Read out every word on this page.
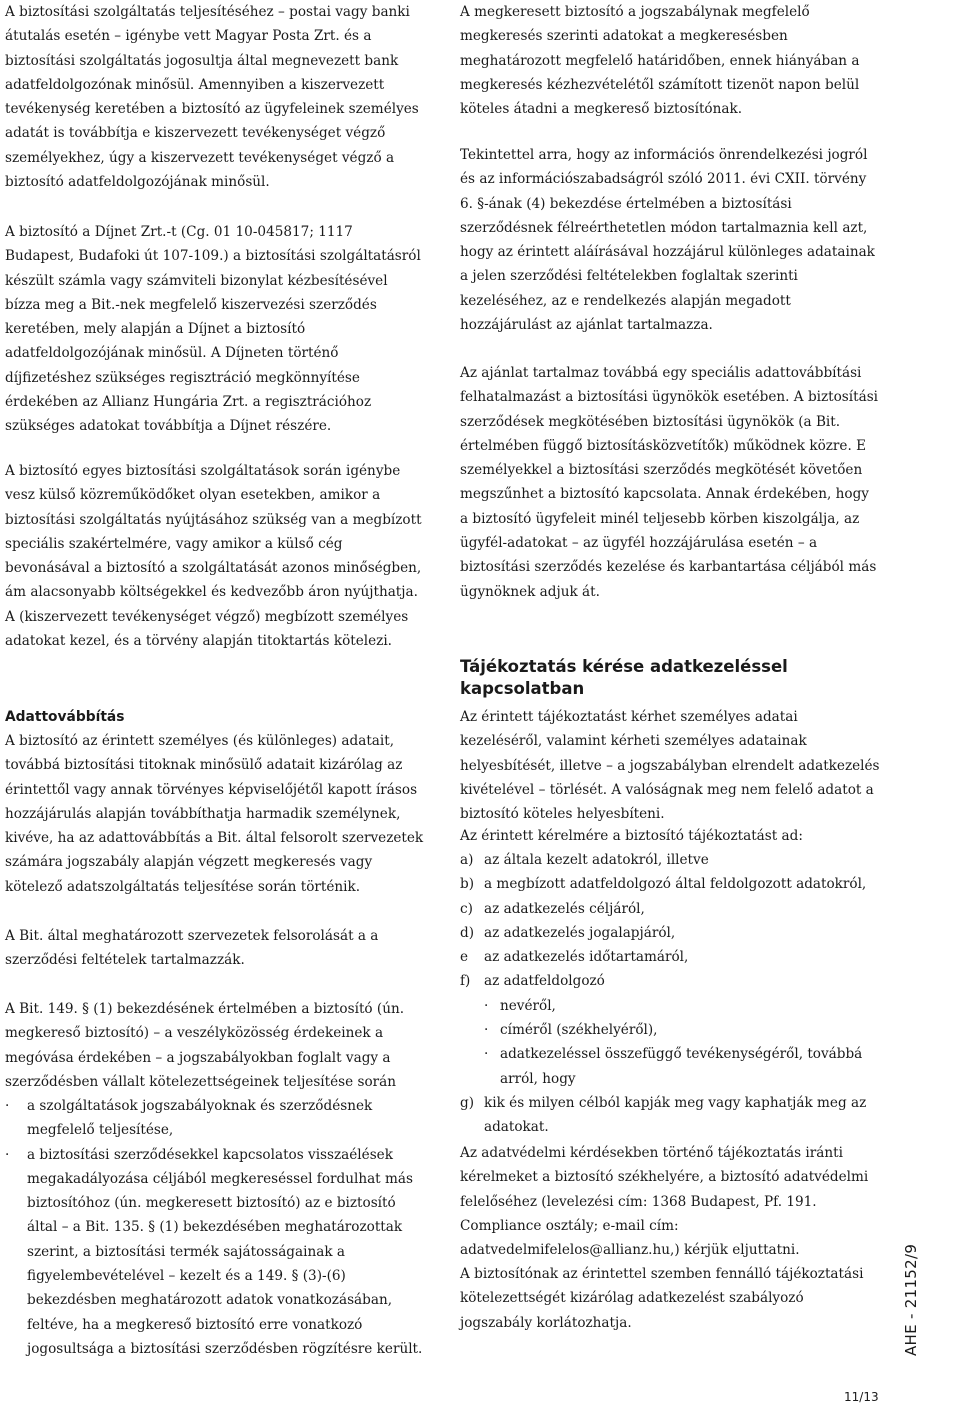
A biztosítási szolgáltatás teljesítéséhez – postai vagy banki átutalás esetén – igénybe vett Magyar Posta Zrt. és a biztosítási szolgáltatás jogosultja által megnevezett bank adatfeldolgozónak minősül. Amennyiben a kiszervezett tevékenység keretében a biztosító az ügyfeleinek személyes adatát is továbbítja e kiszervezett tevékenységet végző személyekhez, úgy a kiszervezett tevékenységet végző a biztosító adatfeldolgozójának minősül.

A biztosító a Díjnet Zrt.-t (Cg. 01 10-045817; 1117 Budapest, Budafoki út 107-109.) a biztosítási szolgáltatásról készült számla vagy számviteli bizonylat kézbesítésével bízza meg a Bit.-nek megfelelő kiszervezési szerződés keretében, mely alapján a Díjnet a biztosító adatfeldolgozójának minősül. A Díjneten történő díjfizetéshez szükséges regisztráció megkönnyítése érdekében az Allianz Hungária Zrt. a regisztrációhoz szükséges adatokat továbbítja a Díjnet részére.

A biztosító egyes biztosítási szolgáltatások során igénybe vesz külső közreműködőket olyan esetekben, amikor a biztosítási szolgáltatás nyújtásához szükség van a megbízott speciális szakértelmére, vagy amikor a külső cég bevonásával a biztosító a szolgáltatását azonos minőségben, ám alacsonyabb költségekkel és kedvezőbb áron nyújthatja. A (kiszervezett tevékenységet végző) megbízott személyes adatokat kezel, és a törvény alapján titoktartás kötelezi.

Adattovábbítás

A biztosító az érintett személyes (és különleges) adatait, továbbá biztosítási titoknak minősülő adatait kizárólag az érintettől vagy annak törvényes képviselőjétől kapott írásos hozzájárulás alapján továbbíthatja harmadik személynek, kivéve, ha az adattovábbítás a Bit. által felsorolt szervezetek számára jogszabály alapján végzett megkeresés vagy kötelező adatszolgáltatás teljesítése során történik.

A Bit. által meghatározott szervezetek felsorolását a a szerződési feltételek tartalmazzák.

A Bit. 149. § (1) bekezdésének értelmében a biztosító (ún. megkereső biztosító) – a veszélyközösség érdekeinek a megóvása érdekében – a jogszabályokban foglalt vagy a szerződésben vállalt kötelezettségeinek teljesítése során

· a szolgáltatások jogszabályoknak és szerződésnek megfelelő teljesítése,
· a biztosítási szerződésekkel kapcsolatos visszaélések megakadályozása céljából megkereséssel fordulhat más biztosítóhoz (ún. megkeresett biztosító) az e biztosító által – a Bit. 135. § (1) bekezdésében meghatározottak szerint, a biztosítási termék sajátosságainak a figyelembevételével – kezelt és a 149. § (3)-(6) bekezdésben meghatározott adatok vonatkozásában, feltéve, ha a megkereső biztosító erre vonatkozó jogosultsága a biztosítási szerződésben rögzítésre került.

A megkeresett biztosító a jogszabálynak megfelelő megkeresés szerinti adatokat a megkeresésben meghatározott megfelelő határidőben, ennek hiányában a megkeresés kézhezvételétől számított tizenöt napon belül köteles átadni a megkereső biztosítónak.

Tekintettel arra, hogy az információs önrendelkezési jogról és az információszabadságról szóló 2011. évi CXII. törvény 6. §-ának (4) bekezdése értelmében a biztosítási szerződésnek félreérthetetlen módon tartalmaznia kell azt, hogy az érintett aláírásával hozzájárul különleges adatainak a jelen szerződési feltételekben foglaltak szerinti kezeléséhez, az e rendelkezés alapján megadott hozzájárulást az ajánlat tartalmazza.

Az ajánlat tartalmaz továbbá egy speciális adattovábbítási felhatalmazást a biztosítási ügynökök esetében. A biztosítási szerződések megkötésében biztosítási ügynökök (a Bit. értelmében függő biztosításközvetítők) működnek közre. E személyekkel a biztosítási szerződés megkötését követően megszűnhet a biztosító kapcsolata. Annak érdekében, hogy a biztosító ügyfeleit minél teljesebb körben kiszolgálja, az ügyfél-adatokat – az ügyfél hozzájárulása esetén – a biztosítási szerződés kezelése és karbantartása céljából más ügynöknek adjuk át.

Tájékoztatás kérése adatkezeléssel kapcsolatban

Az érintett tájékoztatást kérhet személyes adatai kezeléséről, valamint kérheti személyes adatainak helyesbítését, illetve – a jogszabályban elrendelt adatkezelés kivételével – törlését. A valóságnak meg nem felelő adatot a biztosító köteles helyesbíteni.

Az érintett kérelmére a biztosító tájékoztatást ad:

a) az általa kezelt adatokról, illetve
b) a megbízott adatfeldolgozó által feldolgozott adatokról,
c) az adatkezelés céljáról,
d) az adatkezelés jogalapjáról,
e az adatkezelés időtartamáról,
f) az adatfeldolgozó
· nevéről,
· címéről (székhelyéről),
· adatkezeléssel összefüggő tevékenységéről, továbbá arról, hogy
g) kik és milyen célból kapják meg vagy kaphatják meg az adatokat.

Az adatvédelmi kérdésekben történő tájékoztatás iránti kérelmeket a biztosító székhelyére, a biztosító adatvédelmi felelőséhez (levelezési cím: 1368 Budapest, Pf. 191. Compliance osztály; e-mail cím: adatvedelmifelelos@allianz.hu,) kérjük eljuttatni.

A biztosítónak az érintettel szemben fennálló tájékoztatási kötelezettségét kizárólag adatkezelést szabályozó jogszabály korlátozhatja.	AHE - 21152/9
11/13
